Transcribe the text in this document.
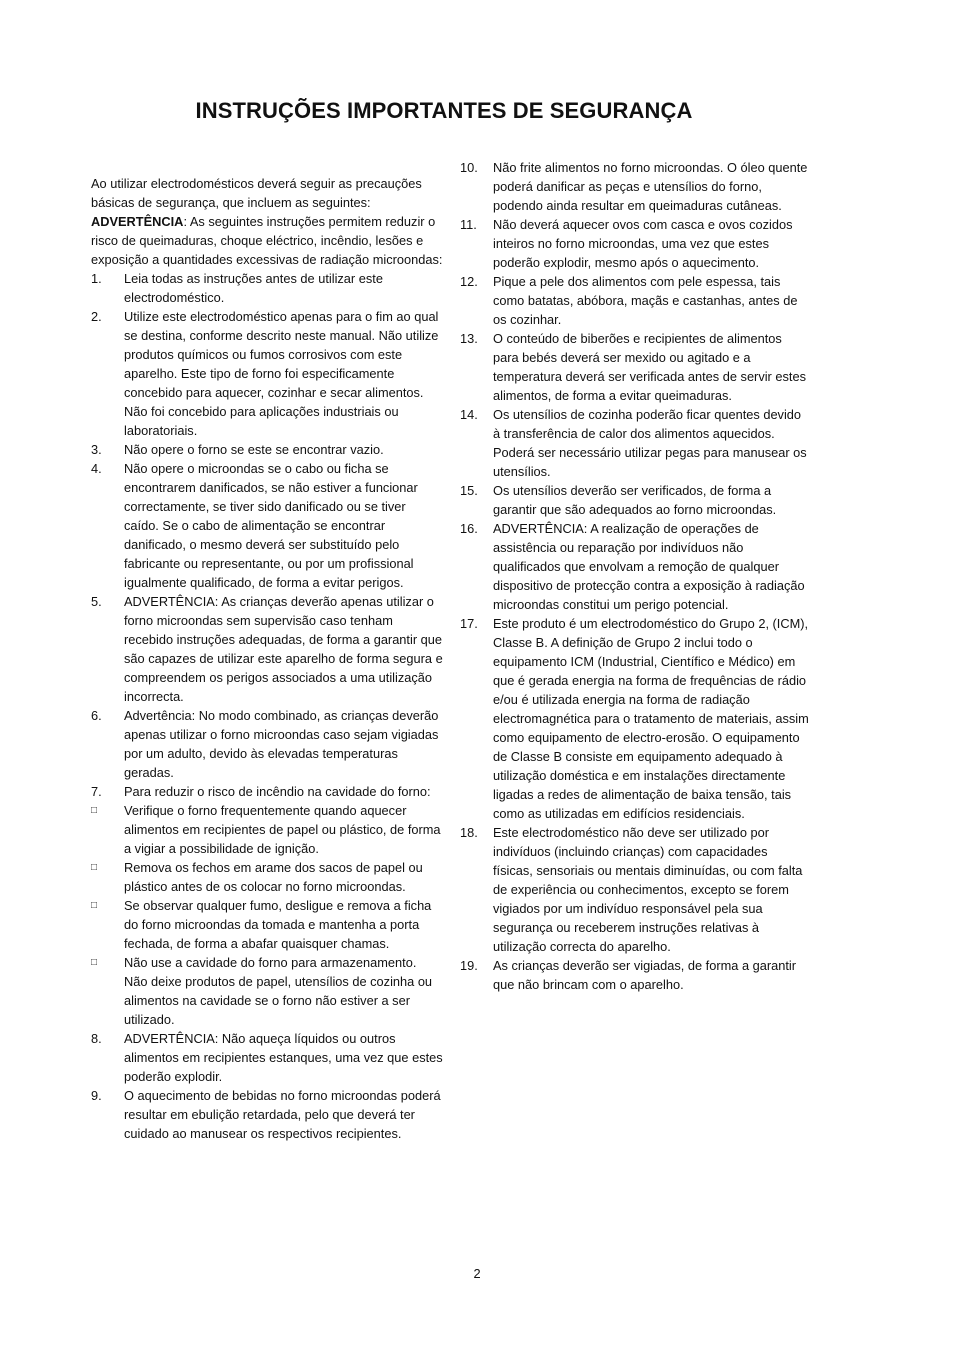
INSTRUÇÕES IMPORTANTES DE SEGURANÇA

Ao utilizar electrodomésticos deverá seguir as precauções básicas de segurança, que incluem as seguintes:

ADVERTÊNCIA: As seguintes instruções permitem reduzir o risco de queimaduras, choque eléctrico, incêndio, lesões e exposição a quantidades excessivas de radiação microondas:

1. Leia todas as instruções antes de utilizar este electrodoméstico.
2. Utilize este electrodoméstico apenas para o fim ao qual se destina, conforme descrito neste manual. Não utilize produtos químicos ou fumos corrosivos com este aparelho. Este tipo de forno foi especificamente concebido para aquecer, cozinhar e secar alimentos. Não foi concebido para aplicações industriais ou laboratoriais.
3. Não opere o forno se este se encontrar vazio.
4. Não opere o microondas se o cabo ou ficha se encontrarem danificados, se não estiver a funcionar correctamente, se tiver sido danificado ou se tiver caído. Se o cabo de alimentação se encontrar danificado, o mesmo deverá ser substituído pelo fabricante ou representante, ou por um profissional igualmente qualificado, de forma a evitar perigos.
5. ADVERTÊNCIA: As crianças deverão apenas utilizar o forno microondas sem supervisão caso tenham recebido instruções adequadas, de forma a garantir que são capazes de utilizar este aparelho de forma segura e compreendem os perigos associados a uma utilização incorrecta.
6. Advertência: No modo combinado, as crianças deverão apenas utilizar o forno microondas caso sejam vigiadas por um adulto, devido às elevadas temperaturas geradas.
7. Para reduzir o risco de incêndio na cavidade do forno:
□ Verifique o forno frequentemente quando aquecer alimentos em recipientes de papel ou plástico, de forma a vigiar a possibilidade de ignição.
□ Remova os fechos em arame dos sacos de papel ou plástico antes de os colocar no forno microondas.
□ Se observar qualquer fumo, desligue e remova a ficha do forno microondas da tomada e mantenha a porta fechada, de forma a abafar quaisquer chamas.
□ Não use a cavidade do forno para armazenamento. Não deixe produtos de papel, utensílios de cozinha ou alimentos na cavidade se o forno não estiver a ser utilizado.
8. ADVERTÊNCIA: Não aqueça líquidos ou outros alimentos em recipientes estanques, uma vez que estes poderão explodir.
9. O aquecimento de bebidas no forno microondas poderá resultar em ebulição retardada, pelo que deverá ter cuidado ao manusear os respectivos recipientes.
10. Não frite alimentos no forno microondas. O óleo quente poderá danificar as peças e utensílios do forno, podendo ainda resultar em queimaduras cutâneas.
11. Não deverá aquecer ovos com casca e ovos cozidos inteiros no forno microondas, uma vez que estes poderão explodir, mesmo após o aquecimento.
12. Pique a pele dos alimentos com pele espessa, tais como batatas, abóbora, maçãs e castanhas, antes de os cozinhar.
13. O conteúdo de biberões e recipientes de alimentos para bebés deverá ser mexido ou agitado e a temperatura deverá ser verificada antes de servir estes alimentos, de forma a evitar queimaduras.
14. Os utensílios de cozinha poderão ficar quentes devido à transferência de calor dos alimentos aquecidos. Poderá ser necessário utilizar pegas para manusear os utensílios.
15. Os utensílios deverão ser verificados, de forma a garantir que são adequados ao forno microondas.
16. ADVERTÊNCIA: A realização de operações de assistência ou reparação por indivíduos não qualificados que envolvam a remoção de qualquer dispositivo de protecção contra a exposição à radiação microondas constitui um perigo potencial.
17. Este produto é um electrodoméstico do Grupo 2, (ICM), Classe B. A definição de Grupo 2 inclui todo o equipamento ICM (Industrial, Científico e Médico) em que é gerada energia na forma de frequências de rádio e/ou é utilizada energia na forma de radiação electromagnética para o tratamento de materiais, assim como equipamento de electro-erosão. O equipamento de Classe B consiste em equipamento adequado à utilização doméstica e em instalações directamente ligadas a redes de alimentação de baixa tensão, tais como as utilizadas em edifícios residenciais.
18. Este electrodoméstico não deve ser utilizado por indivíduos (incluindo crianças) com capacidades físicas, sensoriais ou mentais diminuídas, ou com falta de experiência ou conhecimentos, excepto se forem vigiados por um indivíduo responsável pela sua segurança ou receberem instruções relativas à utilização correcta do aparelho.
19. As crianças deverão ser vigiadas, de forma a garantir que não brincam com o aparelho.
2
